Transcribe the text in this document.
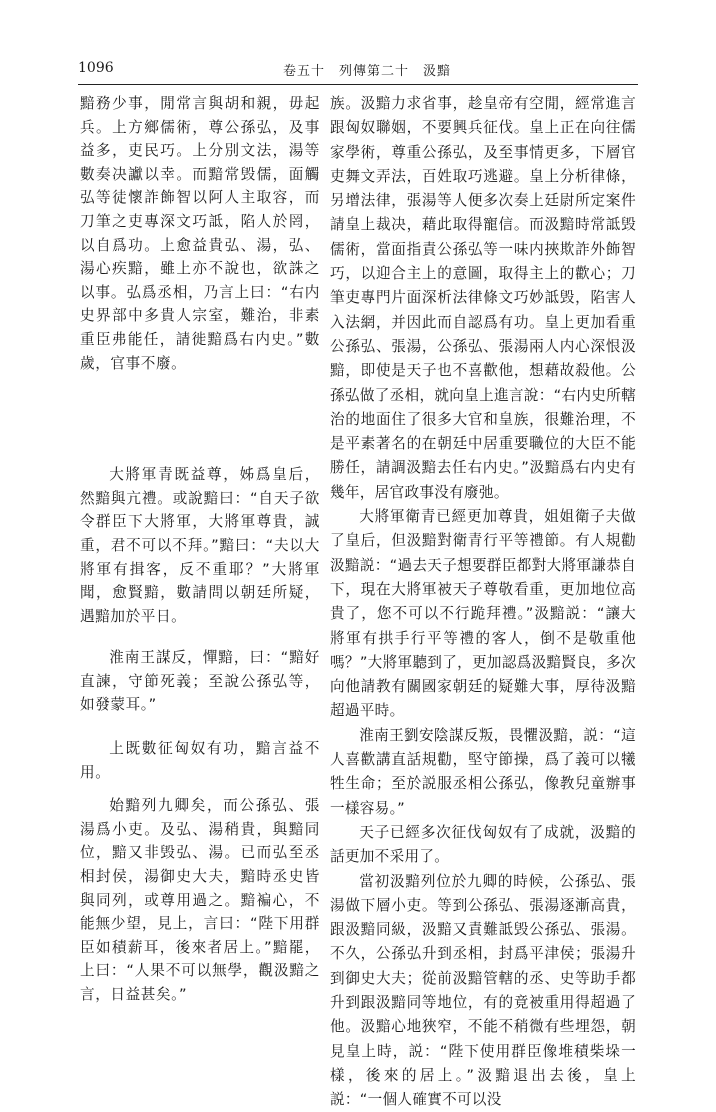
1096	卷五十　列傳第二十　汲黯

黯務少事，閒常言與胡和親，毋起兵。上方鄉儒術，尊公孫弘，及事益多，吏民巧。上分別文法，湯等數奏决讞以幸。而黯常毁儒，面觸弘等徒懷詐飾智以阿人主取容，而刀筆之吏專深文巧詆，陷人於罔，以自爲功。上愈益貴弘、湯，弘、湯心疾黯，雖上亦不說也，欲誅之以事。弘爲丞相，乃言上曰：“右内史界部中多貴人宗室，難治，非素重臣弗能任，請徙黯爲右内史。”數歲，官事不廢。

大將軍青既益尊，姊爲皇后，然黯與亢禮。或說黯曰：“自天子欲令群臣下大將軍，大將軍尊貴，誠重，君不可以不拜。”黯曰：“夫以大將軍有揖客，反不重耶？”大將軍聞，愈賢黯，數請問以朝廷所疑，遇黯加於平日。

淮南王謀反，憚黯，曰：“黯好直諫，守節死義；至說公孫弘等，如發蒙耳。”

上既數征匈奴有功，黯言益不用。

始黯列九卿矣，而公孫弘、張湯爲小吏。及弘、湯稍貴，與黯同位，黯又非毁弘、湯。已而弘至丞相封侯，湯御史大夫，黯時丞史皆與同列，或尊用過之。黯褊心，不能無少望，見上，言曰：“陛下用群臣如積薪耳，後來者居上。”黯罷，上曰：“人果不可以無學，觀汲黯之言，日益甚矣。”

族。汲黯力求省事，趁皇帝有空閒，經常進言跟匈奴聯姻，不要興兵征伐。皇上正在向往儒家學術，尊重公孫弘，及至事情更多，下層官吏舞文弄法，百姓取巧逃避。皇上分析律條，另增法律，張湯等人便多次奏上廷尉所定案件請皇上裁决，藉此取得寵信。而汲黯時常詆毁儒術，當面指責公孫弘等一味内挾欺詐外飾智巧，以迎合主上的意圖，取得主上的歡心；刀筆吏專門片面深析法律條文巧妙詆毁，陷害人入法網，并因此而自認爲有功。皇上更加看重公孫弘、張湯，公孫弘、張湯兩人内心深恨汲黯，即使是天子也不喜歡他，想藉故殺他。公孫弘做了丞相，就向皇上進言說：“右内史所轄治的地面住了很多大官和皇族，很難治理，不是平素著名的在朝廷中居重要職位的大臣不能勝任，請調汲黯去任右内史。”汲黯爲右内史有幾年，居官政事没有廢弛。

大將軍衛青已經更加尊貴，姐姐衛子夫做了皇后，但汲黯對衛青行平等禮節。有人規勸汲黯説：“過去天子想要群臣都對大將軍謙恭自下，現在大將軍被天子尊敬看重，更加地位高貴了，您不可以不行跪拜禮。”汲黯説：“讓大將軍有拱手行平等禮的客人，倒不是敬重他嗎？”大將軍聽到了，更加認爲汲黯賢良，多次向他請教有關國家朝廷的疑難大事，厚待汲黯超過平時。

淮南王劉安陰謀反叛，畏懼汲黯，説：“這人喜歡講直話規勸，堅守節操，爲了義可以犧牲生命；至於説服丞相公孫弘，像教兒童辦事一樣容易。”

天子已經多次征伐匈奴有了成就，汲黯的話更加不采用了。

當初汲黯列位於九卿的時候，公孫弘、張湯做下層小吏。等到公孫弘、張湯逐漸高貴，跟汲黯同級，汲黯又責難詆毁公孫弘、張湯。不久，公孫弘升到丞相，封爲平津侯；張湯升到御史大夫；從前汲黯管轄的丞、史等助手都升到跟汲黯同等地位，有的竟被重用得超過了他。汲黯心地狹窄，不能不稍微有些埋怨，朝見皇上時，説：“陛下使用群臣像堆積柴垛一樣，後來的居上。”汲黯退出去後，皇上説：“一個人確實不可以没
